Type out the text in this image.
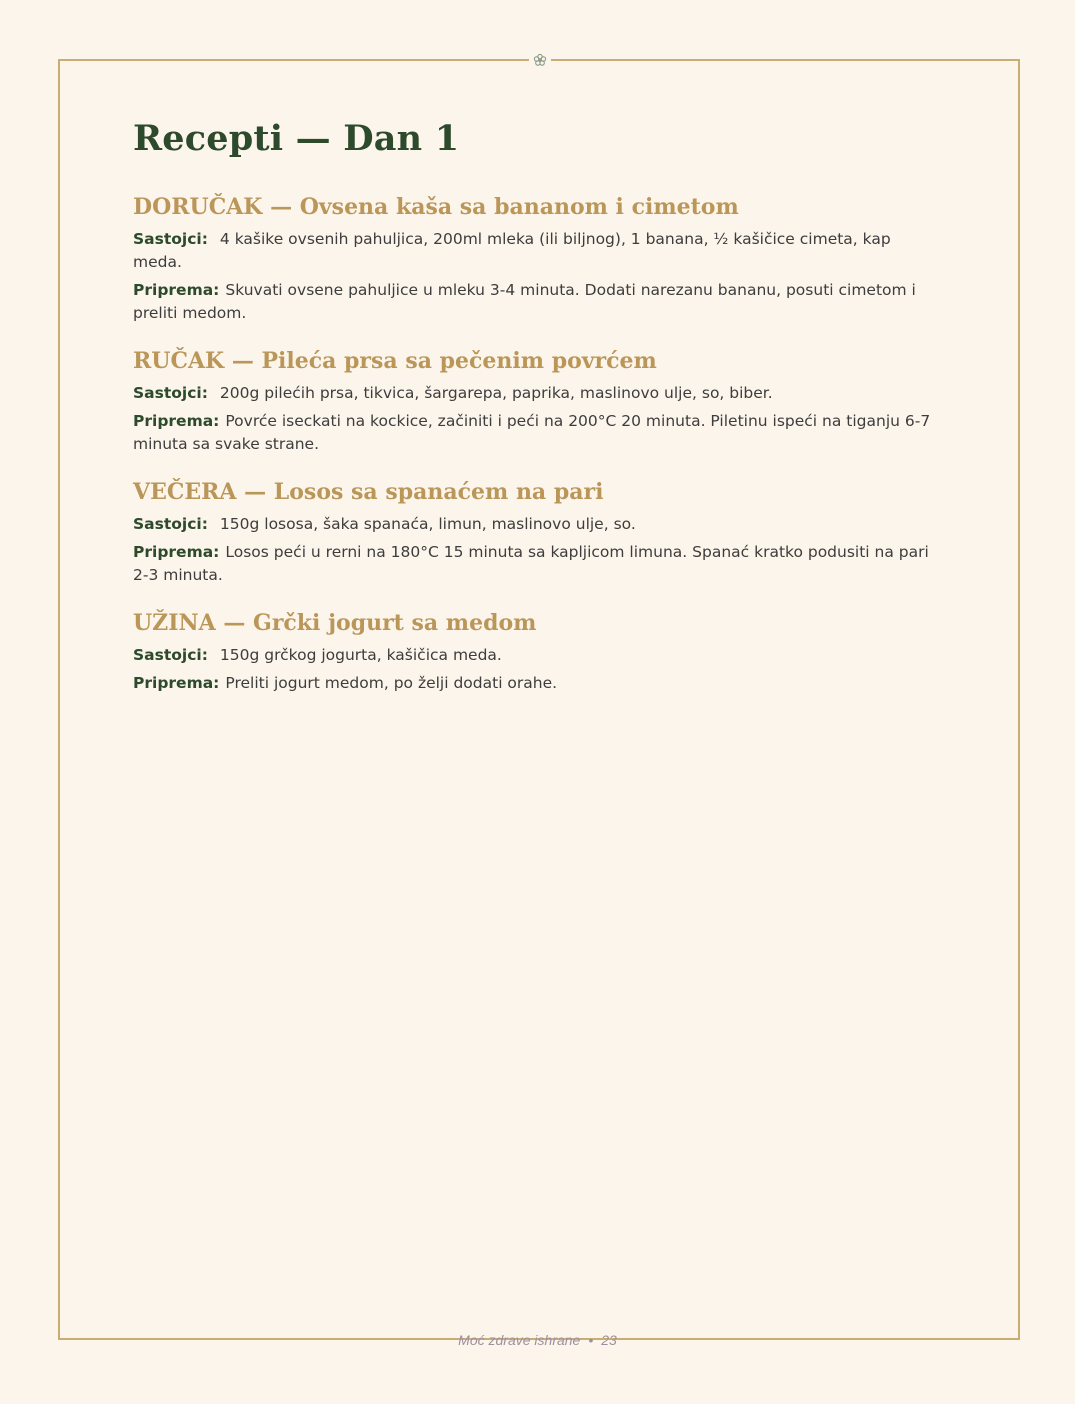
Recepti — Dan 1
DORUČAK — Ovsena kaša sa bananom i cimetom

Sastojci: 4 kašike ovsenih pahuljica, 200ml mleka (ili biljnog), 1 banana, ½ kašičice cimeta, kap meda.

Priprema: Skuvati ovsene pahuljice u mleku 3-4 minuta. Dodati narezanu bananu, posuti cimetom i preliti medom.

RUČAK — Pileća prsa sa pečenim povrćem

Sastojci: 200g pilećih prsa, tikvica, šargarepa, paprika, maslinovo ulje, so, biber.

Priprema: Povrće iseckati na kockice, začiniti i peći na 200°C 20 minuta. Piletinu ispeći na tiganju 6-7 minuta sa svake strane.

VEČERA — Losos sa spanaćem na pari

Sastojci: 150g lososa, šaka spanaća, limun, maslinovo ulje, so.

Priprema: Losos peći u rerni na 180°C 15 minuta sa kapljicom limuna. Spanać kratko podusiti na pari 2-3 minuta.

UŽINA — Grčki jogurt sa medom

Sastojci: 150g grčkog jogurta, kašičica meda.

Priprema: Preliti jogurt medom, po želji dodati orahe.

Moć zdrave ishrane • 23
